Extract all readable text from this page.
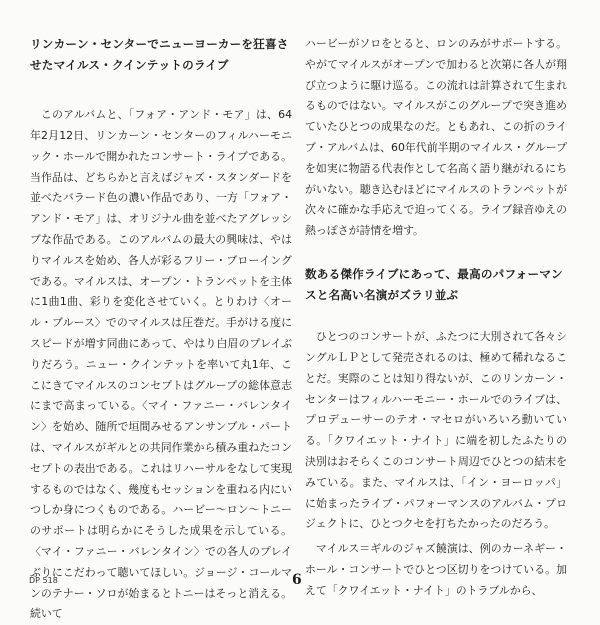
リンカーン・センターでニューヨーカーを狂喜させたマイルス・クインテットのライブ

このアルバムと、「フォア・アンド・モア」は、64年2月12日、リンカーン・センターのフィルハーモニック・ホールで開かれたコンサート・ライブである。当作品は、どちらかと言えばジャズ・スタンダードを並べたバラード色の濃い作品であり、一方「フォア・アンド・モア」は、オリジナル曲を並べたアグレッシブな作品である。このアルバムの最大の興味は、やはりマイルスを始め、各人が彩るフリー・ブローイングである。マイルスは、オープン・トランペットを主体に1曲1曲、彩りを変化させていく。とりわけ〈オール・ブルース〉でのマイルスは圧巻だ。手がける度にスピードが増す同曲にあって、やはり白眉のプレイぶりだろう。ニュー・クインテットを率いて丸1年、ここにきてマイルスのコンセプトはグループの総体意志にまで高まっている。〈マイ・ファニー・バレンタイン〉を始め、随所で垣間みせるアンサンブル・パートは、マイルスがギルとの共同作業から積み重ねたコンセプトの表出である。これはリハーサルをなして実現するものではなく、幾度もセッションを重ねる内にいつしか身につくものである。ハービー〜ロン〜トニーのサポートは明らかにそうした成果を示している。〈マイ・ファニー・バレンタイン〉での各人のプレイぶりにこだわって聴いてほしい。ジョージ・コールマンのテナー・ソロが始まるとトニーはそっと消える。続いて

ハービーがソロをとると、ロンのみがサポートする。やがてマイルスがオープンで加わると次第に各人が翔び立つように駆け巡る。この流れは計算されて生まれるものではない。マイルスがこのグループで突き進めていたひとつの成果なのだ。ともあれ、この折のライブ・アルバムは、60年代前半期のマイルス・グループを如実に物語る代表作として名高く語り継がれるにちがいない。聴き込むほどにマイルスのトランペットが次々に確かな手応えで迫ってくる。ライブ録音ゆえの熱っぽさが詩情を増す。

数ある傑作ライブにあって、最高のパフォーマンスと名高い名演がズラリ並ぶ

ひとつのコンサートが、ふたつに大別されて各々シングルＬＰとして発売されるのは、極めて稀れなることだ。実際のことは知り得ないが、このリンカーン・センターはフィルハーモニー・ホールでのライブは、プロデューサーのテオ・マセロがいろいろ動いている。「クワイエット・ナイト」に端を初したふたりの決別はおそらくこのコンサート周辺でひとつの結末をみている。また、マイルスは、「イン・ヨーロッパ」に始まったライブ・パフォーマンスのアルバム・プロジェクトに、ひとつクセを打ちたかったのだろう。

マイルス＝ギルのジャズ饒演は、例のカーネギー・ホール・コンサートでひとつ区切りをつけている。加えて「クワイエット・ナイト」のトラブルから、

DP 518	6
